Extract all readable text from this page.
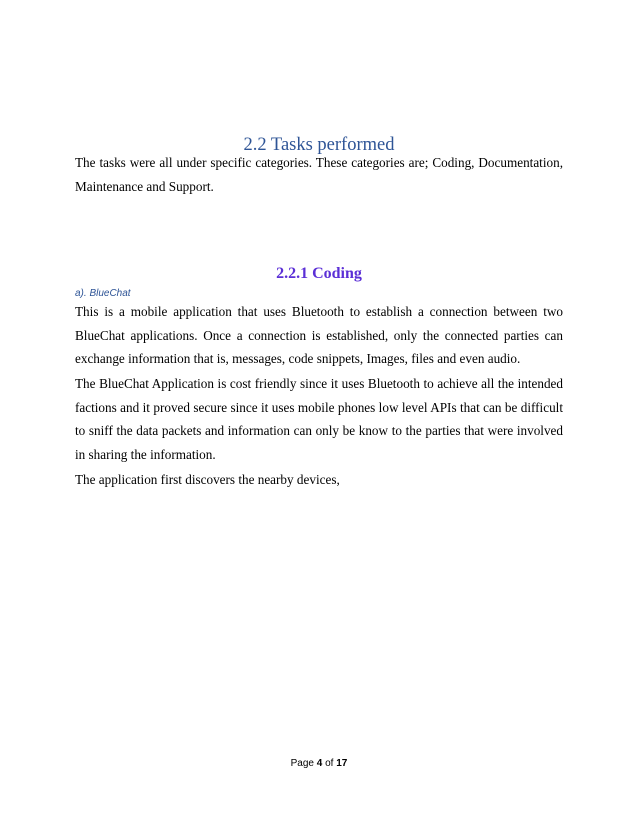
2.2 Tasks performed

The tasks were all under specific categories. These categories are; Coding, Documentation, Maintenance and Support.

2.2.1 Coding
a). BlueChat

This is a mobile application that uses Bluetooth to establish a connection between two BlueChat applications. Once a connection is established, only the connected parties can exchange information that is, messages, code snippets, Images, files and even audio.

The BlueChat Application is cost friendly since it uses Bluetooth to achieve all the intended factions and it proved secure since it uses mobile phones low level APIs that can be difficult to sniff the data packets and information can only be know to the parties that were involved in sharing the information.

The application first discovers the nearby devices,

Page 4 of 17
